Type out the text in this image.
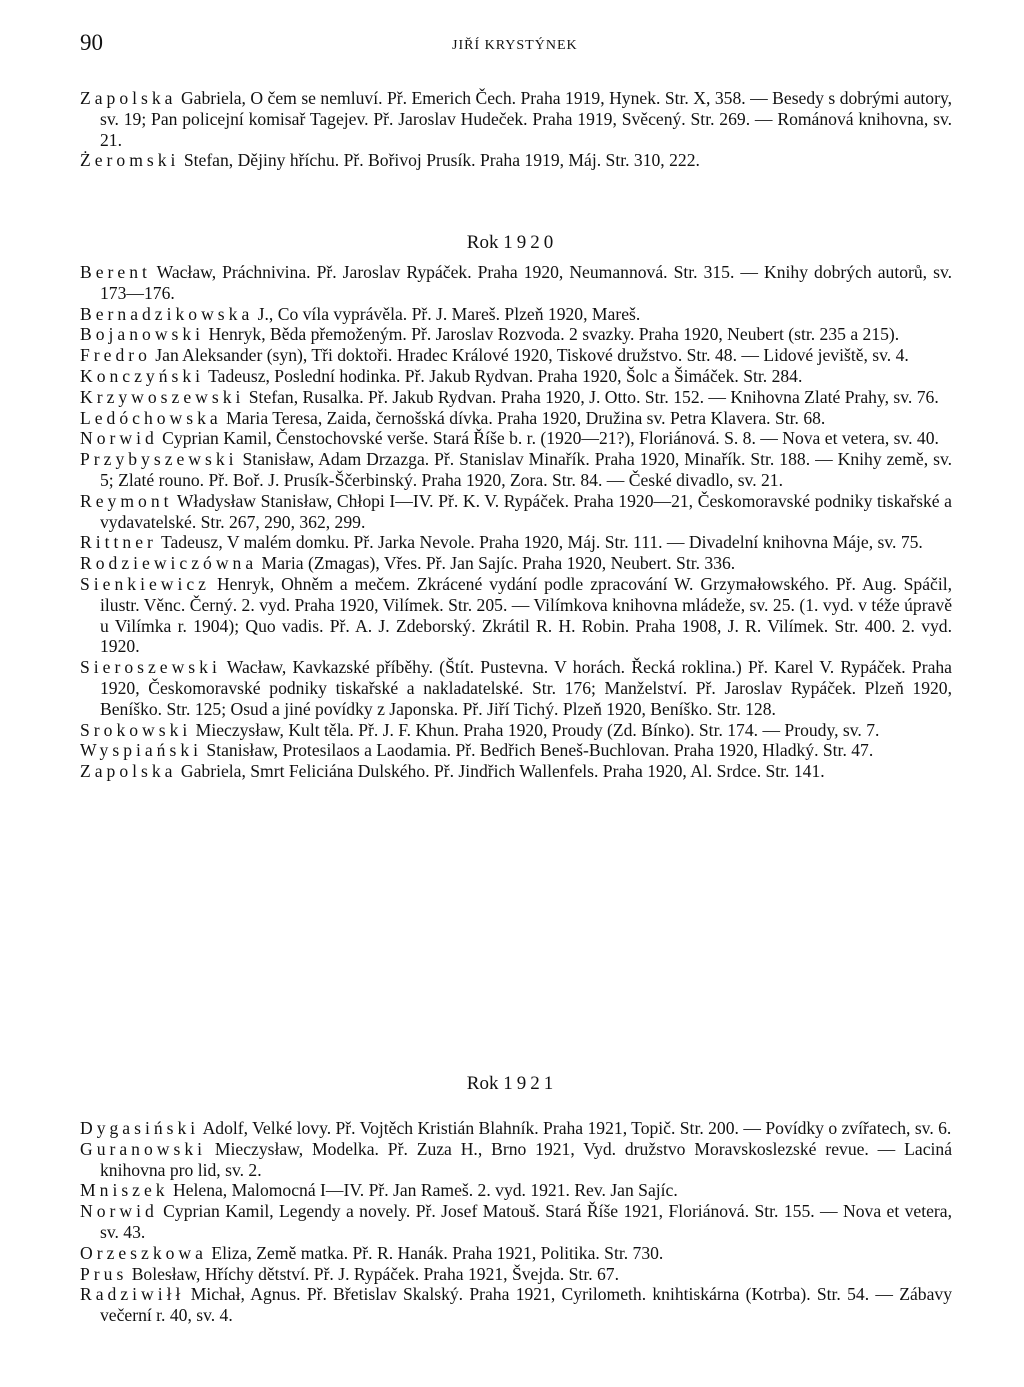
90	JIŘÍ KRYSTÝNEK

Zapolska Gabriela, O čem se nemluví. Př. Emerich Čech. Praha 1919, Hynek. Str. X, 358. — Besedy s dobrými autory, sv. 19; Pan policejní komisař Tagejev. Př. Jaroslav Hudeček. Praha 1919, Svěcený. Str. 269. — Románová knihovna, sv. 21.

Żeromski Stefan, Dějiny hříchu. Př. Bořivoj Prusík. Praha 1919, Máj. Str. 310, 222.

Rok 1920

Berent Wacław, Práchnivina. Př. Jaroslav Rypáček. Praha 1920, Neumannová. Str. 315. — Knihy dobrých autorů, sv. 173—176.

Bernadzikowska J., Co víla vyprávěla. Př. J. Mareš. Plzeň 1920, Mareš.

Bojanowski Henryk, Běda přemoženým. Př. Jaroslav Rozvoda. 2 svazky. Praha 1920, Neubert (str. 235 a 215).

Fredro Jan Aleksander (syn), Tři doktoři. Hradec Králové 1920, Tiskové družstvo. Str. 48. — Lidové jeviště, sv. 4.

Konczyński Tadeusz, Poslední hodinka. Př. Jakub Rydvan. Praha 1920, Šolc a Šimáček. Str. 284.

Krzywoszewski Stefan, Rusalka. Př. Jakub Rydvan. Praha 1920, J. Otto. Str. 152. — Knihovna Zlaté Prahy, sv. 76.

Ledóchowska Maria Teresa, Zaida, černošská dívka. Praha 1920, Družina sv. Petra Klavera. Str. 68.

Norwid Cyprian Kamil, Čenstochovské verše. Stará Říše b. r. (1920—21?), Floriánová. S. 8. — Nova et vetera, sv. 40.

Przybyszewski Stanisław, Adam Drzazga. Př. Stanislav Minařík. Praha 1920, Minařík. Str. 188. — Knihy země, sv. 5; Zlaté rouno. Př. Boř. J. Prusík-Ščerbinský. Praha 1920, Zora. Str. 84. — České divadlo, sv. 21.

Reymont Władysław Stanisław, Chłopi I—IV. Př. K. V. Rypáček. Praha 1920—21, Českomoravské podniky tiskařské a vydavatelské. Str. 267, 290, 362, 299.

Rittner Tadeusz, V malém domku. Př. Jarka Nevole. Praha 1920, Máj. Str. 111. — Divadelní knihovna Máje, sv. 75.

Rodziewiczówna Maria (Zmagas), Vřes. Př. Jan Sajíc. Praha 1920, Neubert. Str. 336.

Sienkiewicz Henryk, Ohněm a mečem. Zkrácené vydání podle zpracování W. Grzymałowského. Př. Aug. Spáčil, ilustr. Věnc. Černý. 2. vyd. Praha 1920, Vilímek. Str. 205. — Vilímkova knihovna mládeže, sv. 25. (1. vyd. v téže úpravě u Vilímka r. 1904); Quo vadis. Př. A. J. Zdeborský. Zkrátil R. H. Robin. Praha 1908, J. R. Vilímek. Str. 400. 2. vyd. 1920.

Sieroszewski Wacław, Kavkazské příběhy. (Štít. Pustevna. V horách. Řecká roklina.) Př. Karel V. Rypáček. Praha 1920, Českomoravské podniky tiskařské a nakladatelské. Str. 176; Manželství. Př. Jaroslav Rypáček. Plzeň 1920, Beníško. Str. 125; Osud a jiné povídky z Japonska. Př. Jiří Tichý. Plzeň 1920, Beníško. Str. 128.

Srokowski Mieczysław, Kult těla. Př. J. F. Khun. Praha 1920, Proudy (Zd. Bínko). Str. 174. — Proudy, sv. 7.

Wyspiański Stanisław, Protesilaos a Laodamia. Př. Bedřich Beneš-Buchlovan. Praha 1920, Hladký. Str. 47.

Zapolska Gabriela, Smrt Feliciána Dulského. Př. Jindřich Wallenfels. Praha 1920, Al. Srdce. Str. 141.

Rok 1921

Dygasiński Adolf, Velké lovy. Př. Vojtěch Kristián Blahník. Praha 1921, Topič. Str. 200. — Povídky o zvířatech, sv. 6.

Guranowski Mieczysław, Modelka. Př. Zuza H., Brno 1921, Vyd. družstvo Moravskoslezské revue. — Laciná knihovna pro lid, sv. 2.

Mniszek Helena, Malomocná I—IV. Př. Jan Rameš. 2. vyd. 1921. Rev. Jan Sajíc.

Norwid Cyprian Kamil, Legendy a novely. Př. Josef Matouš. Stará Říše 1921, Floriánová. Str. 155. — Nova et vetera, sv. 43.

Orzeszkowa Eliza, Země matka. Př. R. Hanák. Praha 1921, Politika. Str. 730.

Prus Bolesław, Hříchy dětství. Př. J. Rypáček. Praha 1921, Švejda. Str. 67.

Radziwiłł Michał, Agnus. Př. Břetislav Skalský. Praha 1921, Cyrilometh. knihtiskárna (Kotrba). Str. 54. — Zábavy večerní r. 40, sv. 4.
